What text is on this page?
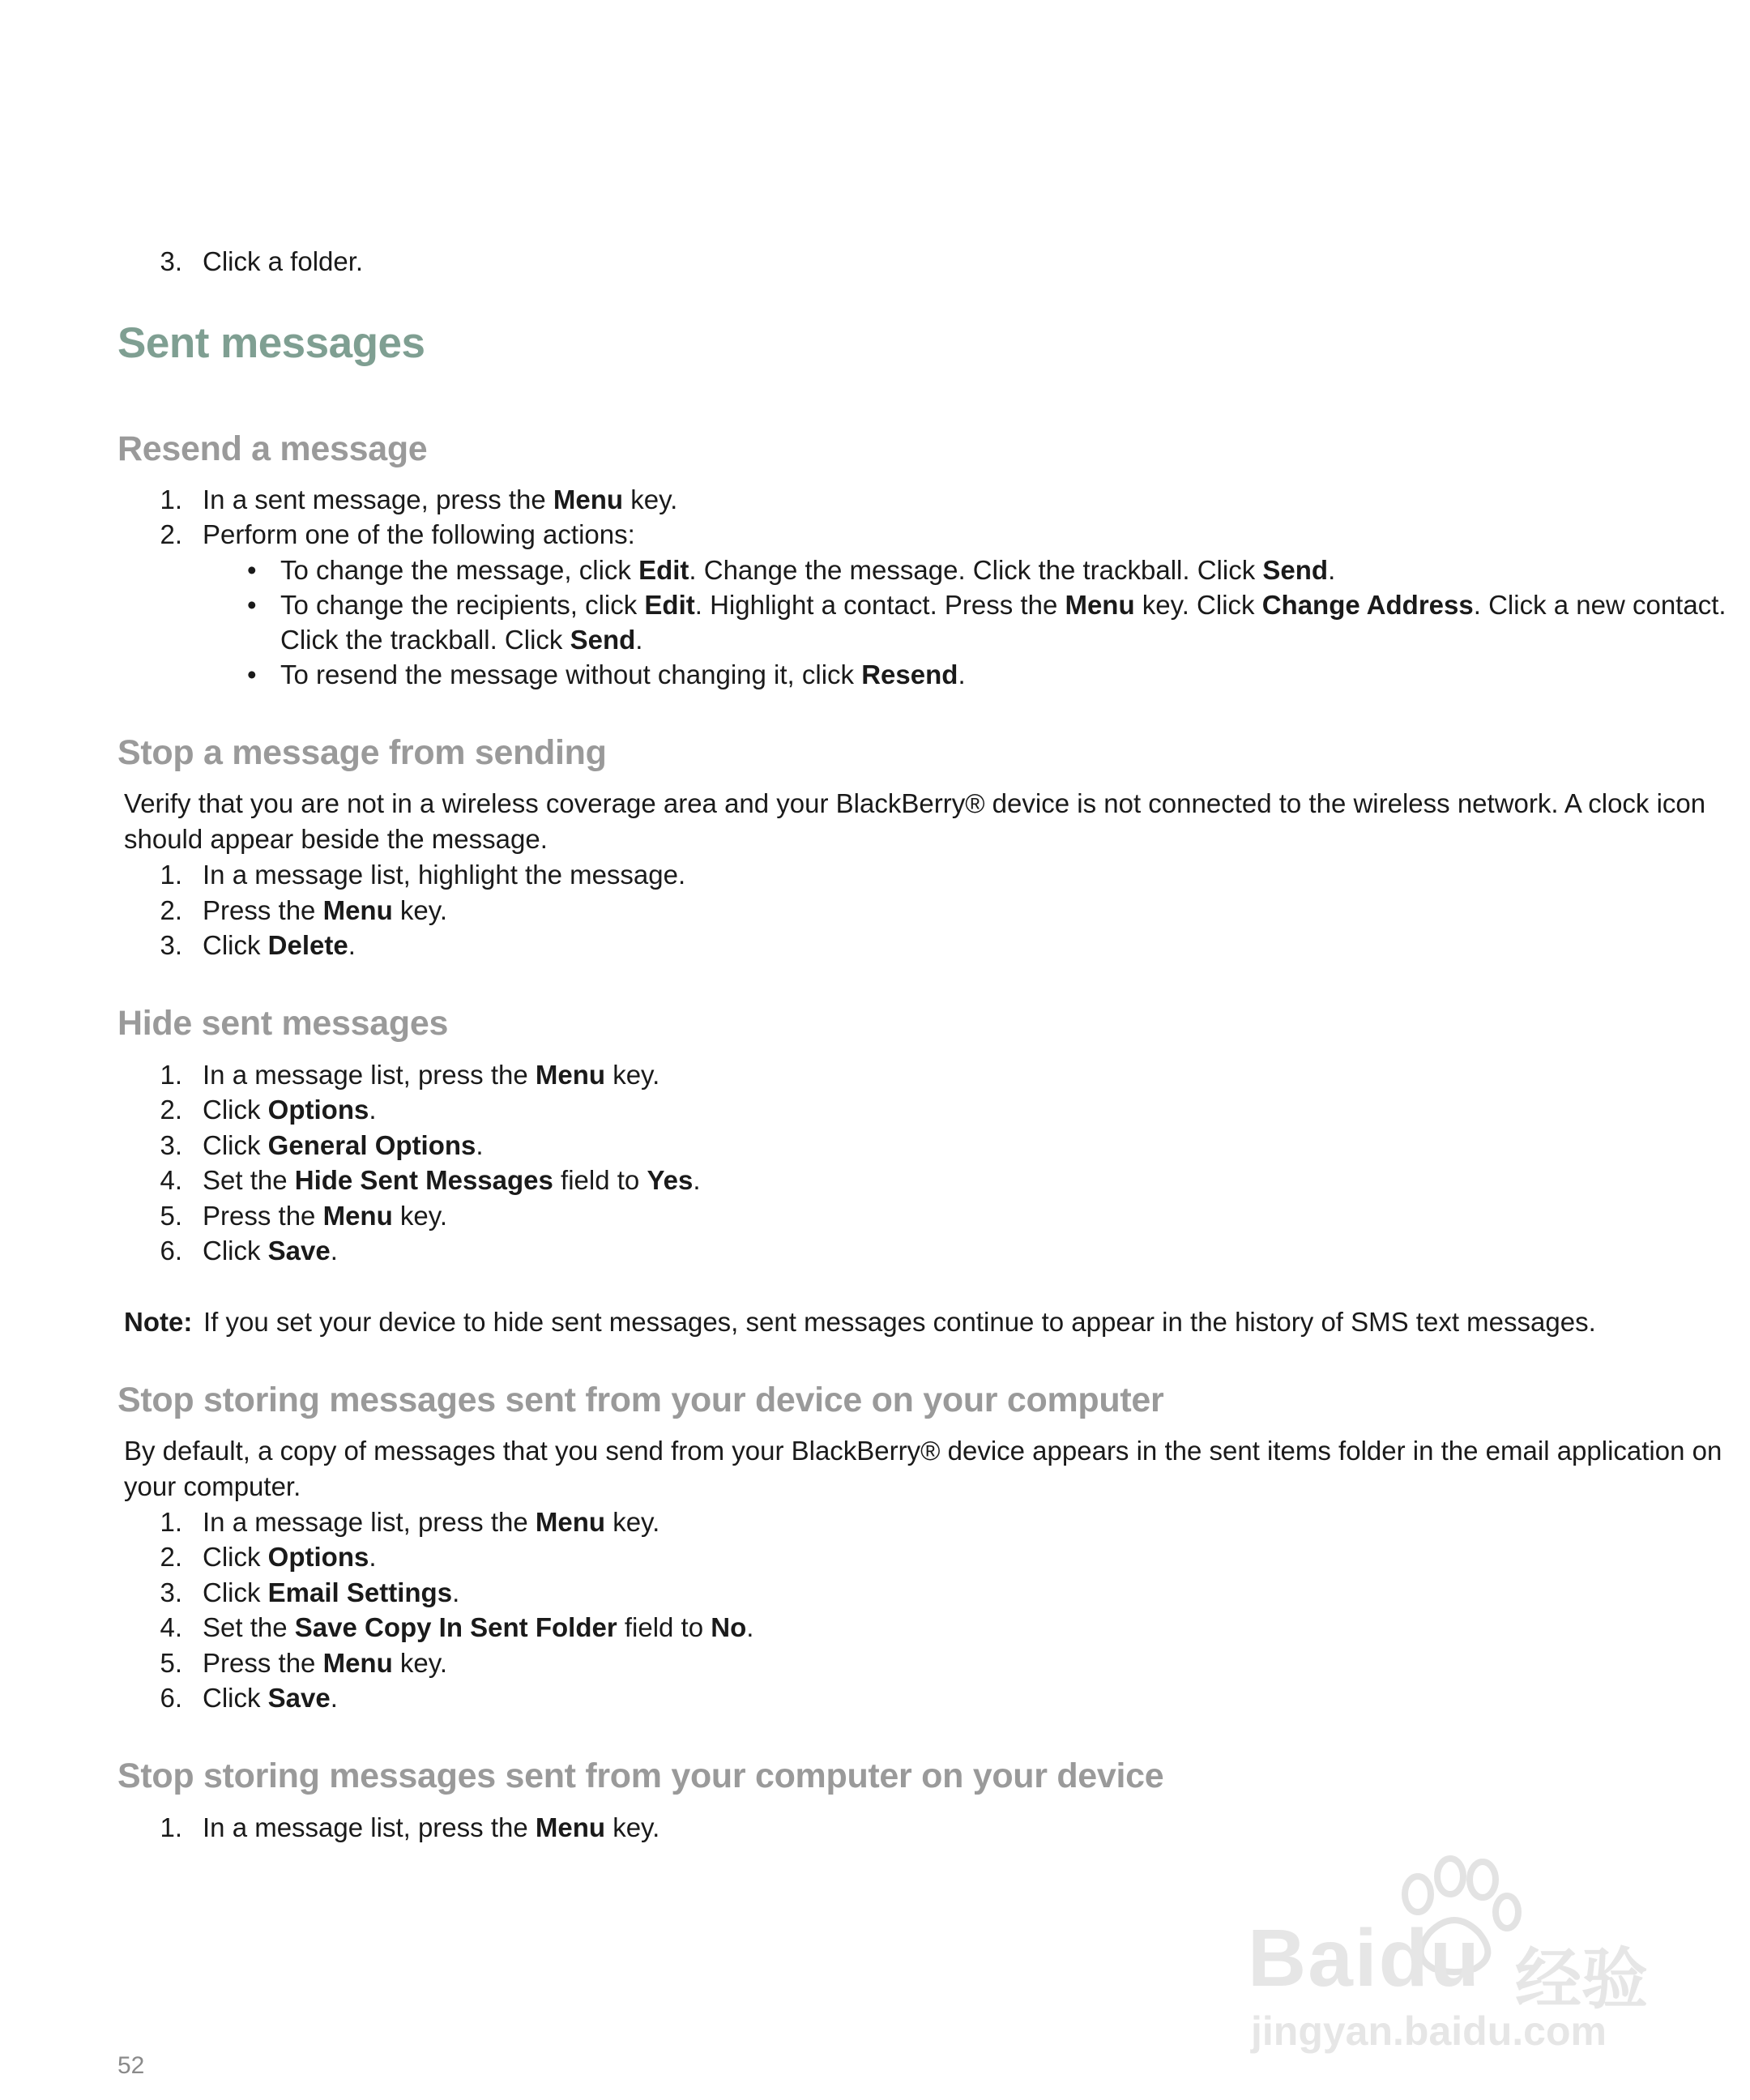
3. Click a folder.
Sent messages
Resend a message
1. In a sent message, press the Menu key.
2. Perform one of the following actions:
• To change the message, click Edit. Change the message. Click the trackball. Click Send.
• To change the recipients, click Edit. Highlight a contact. Press the Menu key. Click Change Address. Click a new contact.
Click the trackball. Click Send.
• To resend the message without changing it, click Resend.
Stop a message from sending
Verify that you are not in a wireless coverage area and your BlackBerry® device is not connected to the wireless network. A clock icon
should appear beside the message.
1. In a message list, highlight the message.
2. Press the Menu key.
3. Click Delete.
Hide sent messages
1. In a message list, press the Menu key.
2. Click Options.
3. Click General Options.
4. Set the Hide Sent Messages field to Yes.
5. Press the Menu key.
6. Click Save.
Note: If you set your device to hide sent messages, sent messages continue to appear in the history of SMS text messages.
Stop storing messages sent from your device on your computer
By default, a copy of messages that you send from your BlackBerry® device appears in the sent items folder in the email application on
your computer.
1. In a message list, press the Menu key.
2. Click Options.
3. Click Email Settings.
4. Set the Save Copy In Sent Folder field to No.
5. Press the Menu key.
6. Click Save.
Stop storing messages sent from your computer on your device
1. In a message list, press the Menu key.
Baidu 经验
jingyan.baidu.com
52
